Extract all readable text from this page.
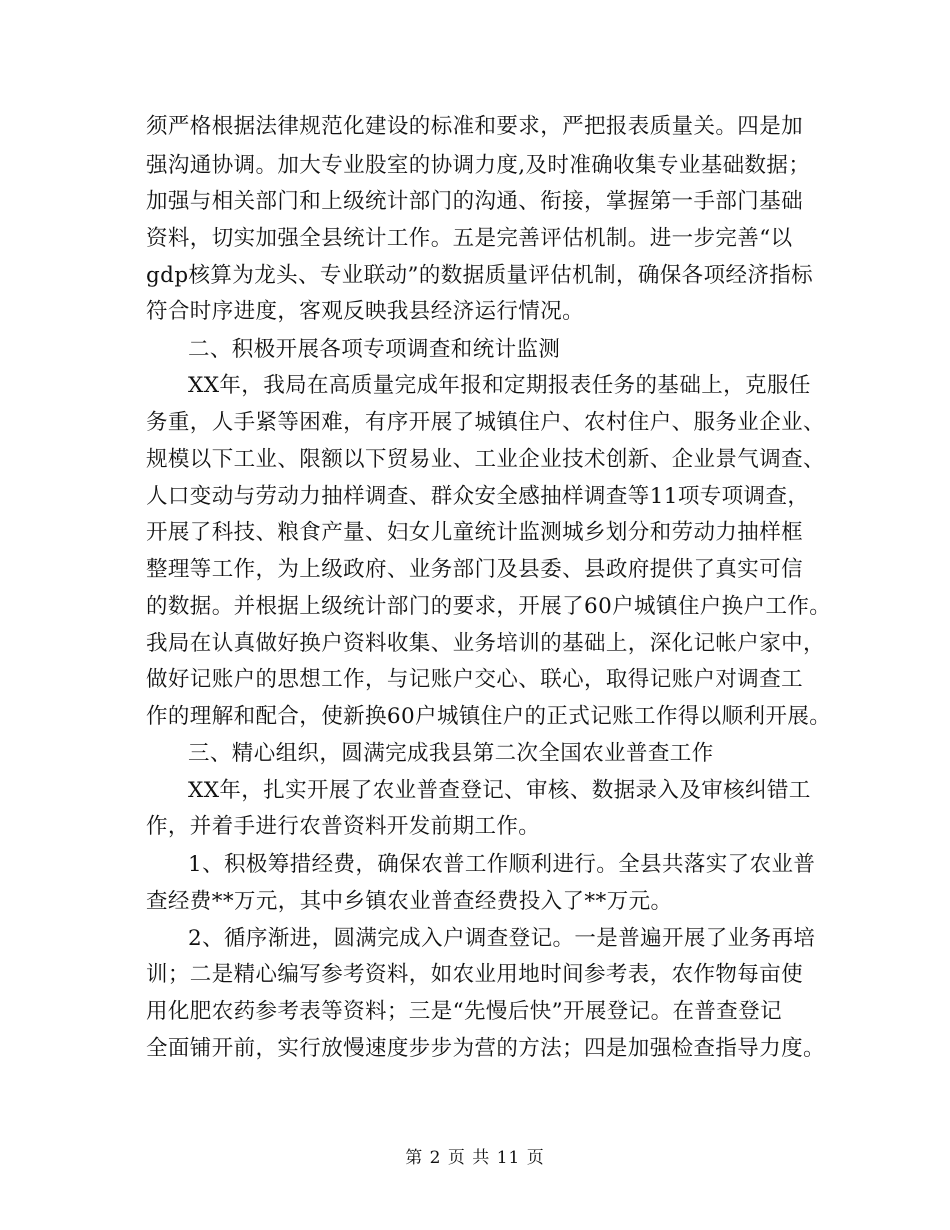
须严格根据法律规范化建设的标准和要求，严把报表质量关。四是加
强沟通协调。加大专业股室的协调力度,及时准确收集专业基础数据；
加强与相关部门和上级统计部门的沟通、衔接，掌握第一手部门基础
资料，切实加强全县统计工作。五是完善评估机制。进一步完善“以
gdp核算为龙头、专业联动”的数据质量评估机制，确保各项经济指标
符合时序进度，客观反映我县经济运行情况。
二、积极开展各项专项调查和统计监测
XX年，我局在高质量完成年报和定期报表任务的基础上，克服任
务重，人手紧等困难，有序开展了城镇住户、农村住户、服务业企业、
规模以下工业、限额以下贸易业、工业企业技术创新、企业景气调查、
人口变动与劳动力抽样调查、群众安全感抽样调查等11项专项调查，
开展了科技、粮食产量、妇女儿童统计监测城乡划分和劳动力抽样框
整理等工作，为上级政府、业务部门及县委、县政府提供了真实可信
的数据。并根据上级统计部门的要求，开展了60户城镇住户换户工作。
我局在认真做好换户资料收集、业务培训的基础上，深化记帐户家中，
做好记账户的思想工作，与记账户交心、联心，取得记账户对调查工
作的理解和配合，使新换60户城镇住户的正式记账工作得以顺利开展。
三、精心组织，圆满完成我县第二次全国农业普查工作
XX年，扎实开展了农业普查登记、审核、数据录入及审核纠错工
作，并着手进行农普资料开发前期工作。
1、积极筹措经费，确保农普工作顺利进行。全县共落实了农业普
查经费**万元，其中乡镇农业普查经费投入了**万元。
2、循序渐进，圆满完成入户调查登记。一是普遍开展了业务再培
训；二是精心编写参考资料，如农业用地时间参考表，农作物每亩使
用化肥农药参考表等资料；三是“先慢后快”开展登记。在普查登记
全面铺开前，实行放慢速度步步为营的方法；四是加强检查指导力度。
第 2 页 共 11 页
